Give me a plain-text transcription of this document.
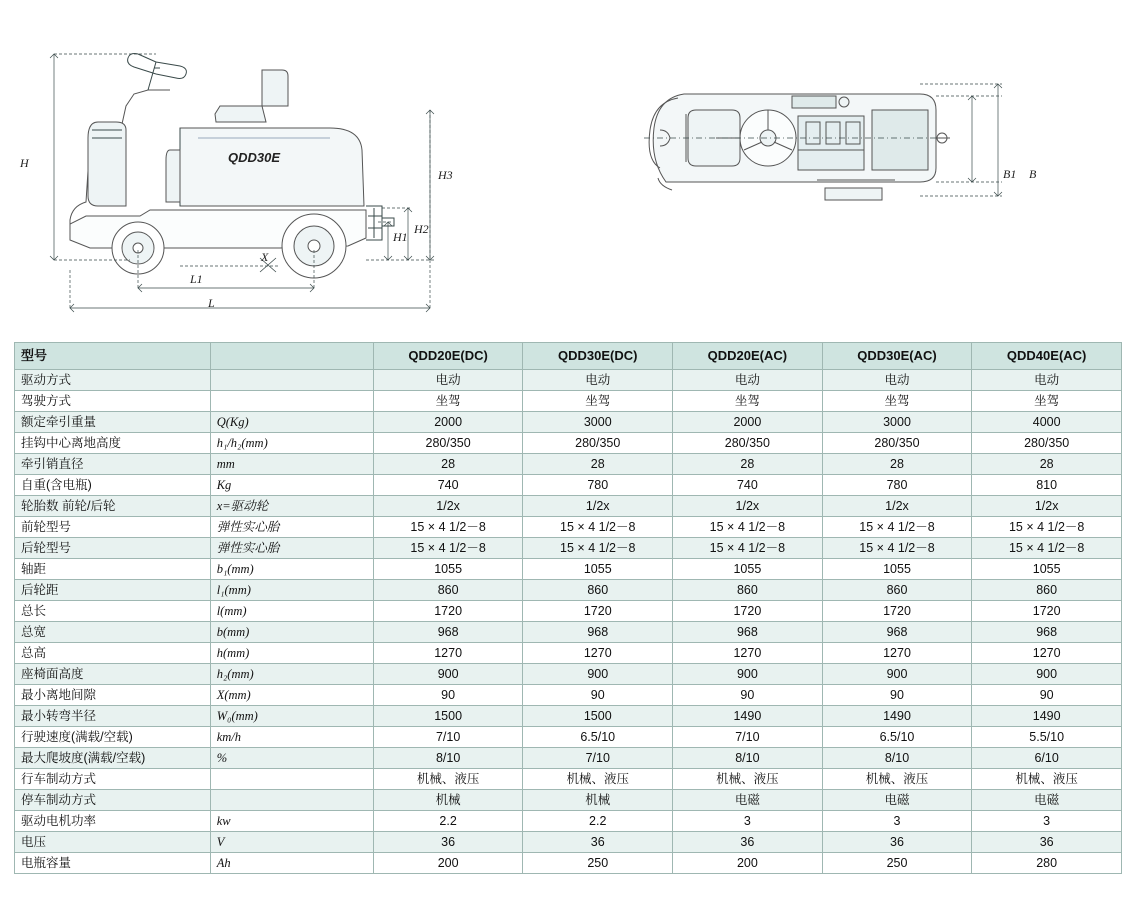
QDD30E
H
H3
H1
H2
X
L1
L
B1 B
型号		QDD20E(DC)	QDD30E(DC)	QDD20E(AC)	QDD30E(AC)	QDD40E(AC)
驱动方式		电动	电动	电动	电动	电动
驾驶方式		坐驾	坐驾	坐驾	坐驾	坐驾
额定牵引重量	Q(Kg)	2000	3000	2000	3000	4000
挂钩中心离地高度	h₁/h₂(mm)	280/350	280/350	280/350	280/350	280/350
牵引销直径	mm	28	28	28	28	28
自重(含电瓶)	Kg	740	780	740	780	810
轮胎数 前轮/后轮	x=驱动轮	1/2x	1/2x	1/2x	1/2x	1/2x
前轮型号	弹性实心胎	15 × 4 1/2－8	15 × 4 1/2－8	15 × 4 1/2－8	15 × 4 1/2－8	15 × 4 1/2－8
后轮型号	弹性实心胎	15 × 4 1/2－8	15 × 4 1/2－8	15 × 4 1/2－8	15 × 4 1/2－8	15 × 4 1/2－8
轴距	b₁(mm)	1055	1055	1055	1055	1055
后轮距	l₁(mm)	860	860	860	860	860
总长	l(mm)	1720	1720	1720	1720	1720
总宽	b(mm)	968	968	968	968	968
总高	h(mm)	1270	1270	1270	1270	1270
座椅面高度	h₂(mm)	900	900	900	900	900
最小离地间隙	X(mm)	90	90	90	90	90
最小转弯半径	W₀(mm)	1500	1500	1490	1490	1490
行驶速度(满载/空载)	km/h	7/10	6.5/10	7/10	6.5/10	5.5/10
最大爬坡度(满载/空载)	%	8/10	7/10	8/10	8/10	6/10
行车制动方式		机械、液压	机械、液压	机械、液压	机械、液压	机械、液压
停车制动方式		机械	机械	电磁	电磁	电磁
驱动电机功率	kw	2.2	2.2	3	3	3
电压	V	36	36	36	36	36
电瓶容量	Ah	200	250	200	250	280
